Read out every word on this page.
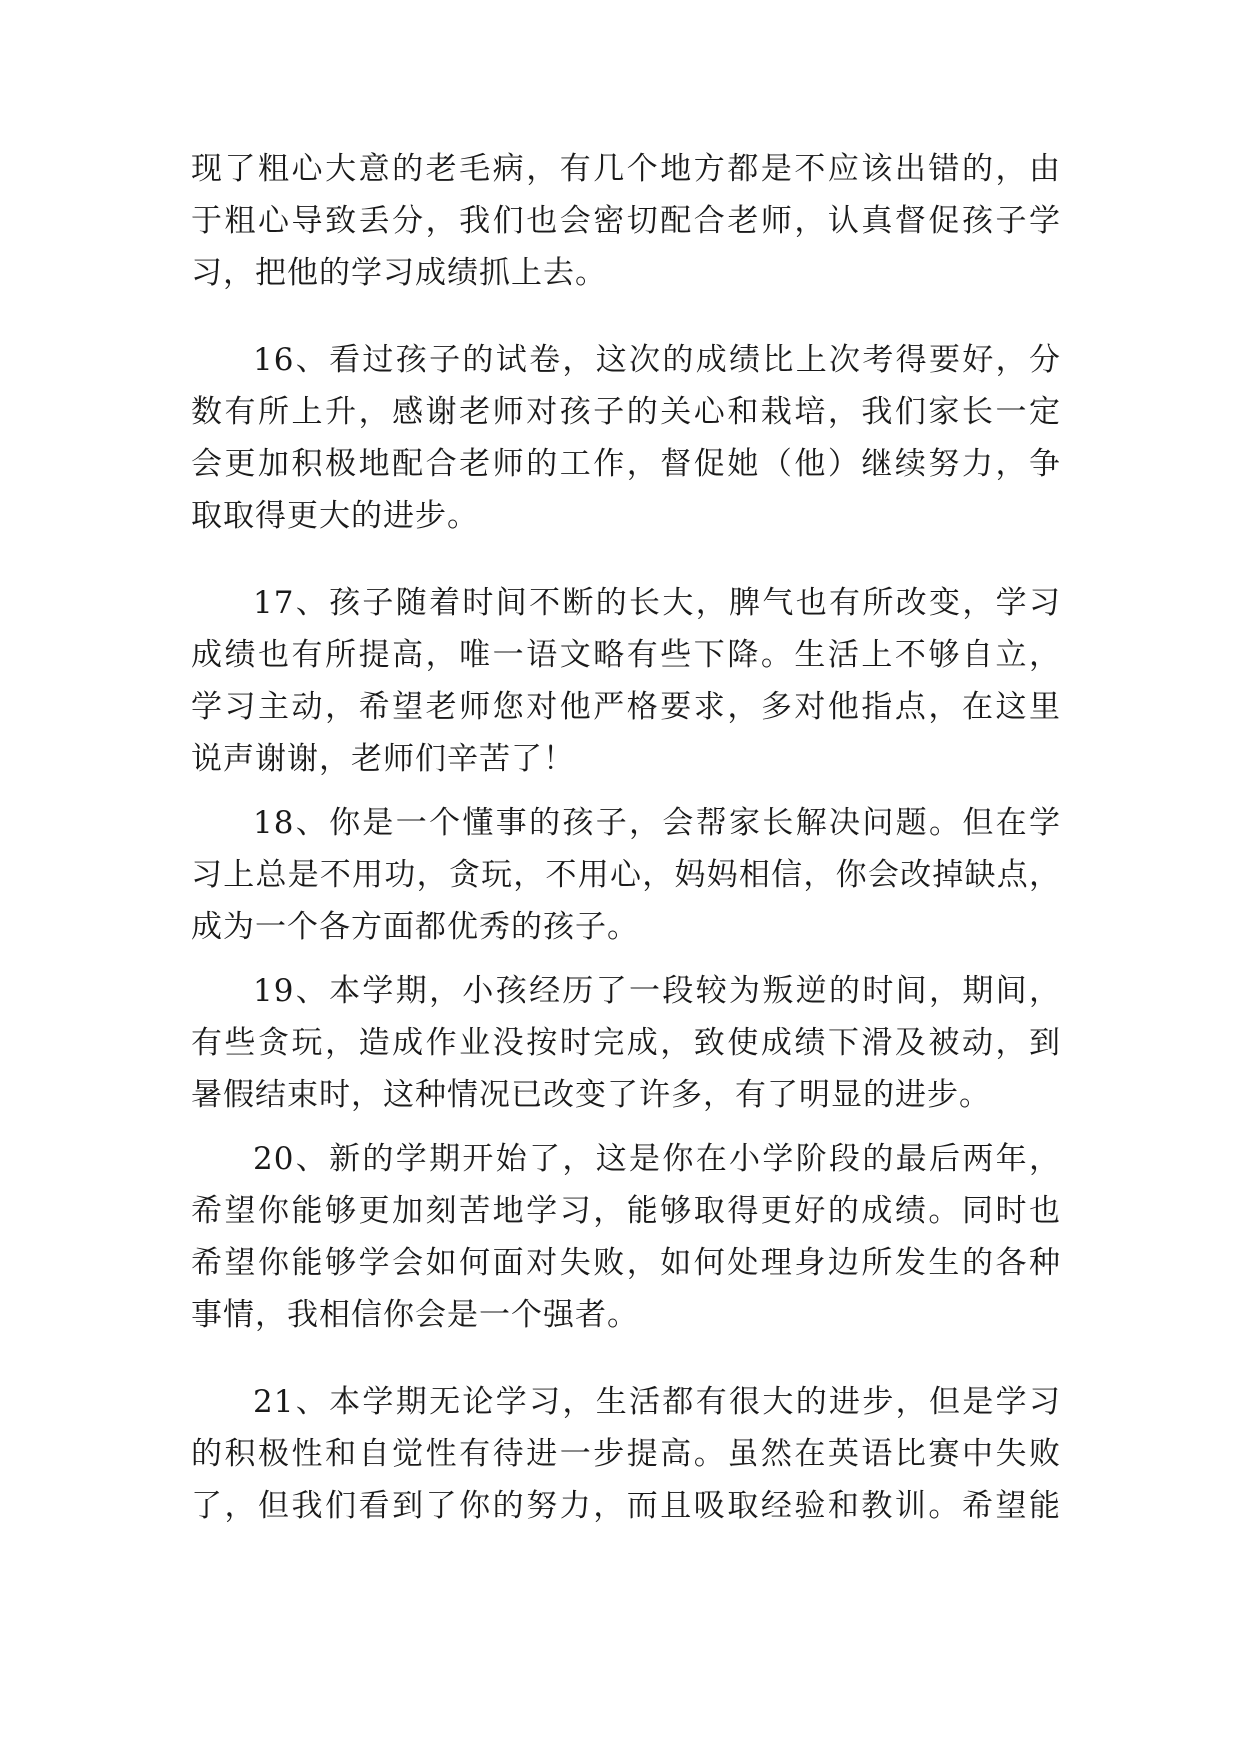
现了粗心大意的老毛病，有几个地方都是不应该出错的，由
于粗心导致丢分，我们也会密切配合老师，认真督促孩子学
习，把他的学习成绩抓上去。
16、看过孩子的试卷，这次的成绩比上次考得要好，分
数有所上升，感谢老师对孩子的关心和栽培，我们家长一定
会更加积极地配合老师的工作，督促她（他）继续努力，争
取取得更大的进步。
17、孩子随着时间不断的长大，脾气也有所改变，学习
成绩也有所提高，唯一语文略有些下降。生活上不够自立，
学习主动，希望老师您对他严格要求，多对他指点，在这里
说声谢谢，老师们辛苦了！
18、你是一个懂事的孩子，会帮家长解决问题。但在学
习上总是不用功，贪玩，不用心，妈妈相信，你会改掉缺点，
成为一个各方面都优秀的孩子。
19、本学期，小孩经历了一段较为叛逆的时间，期间，
有些贪玩，造成作业没按时完成，致使成绩下滑及被动，到
暑假结束时，这种情况已改变了许多，有了明显的进步。
20、新的学期开始了，这是你在小学阶段的最后两年，
希望你能够更加刻苦地学习，能够取得更好的成绩。同时也
希望你能够学会如何面对失败，如何处理身边所发生的各种
事情，我相信你会是一个强者。
21、本学期无论学习，生活都有很大的进步，但是学习
的积极性和自觉性有待进一步提高。虽然在英语比赛中失败
了，但我们看到了你的努力，而且吸取经验和教训。希望能
